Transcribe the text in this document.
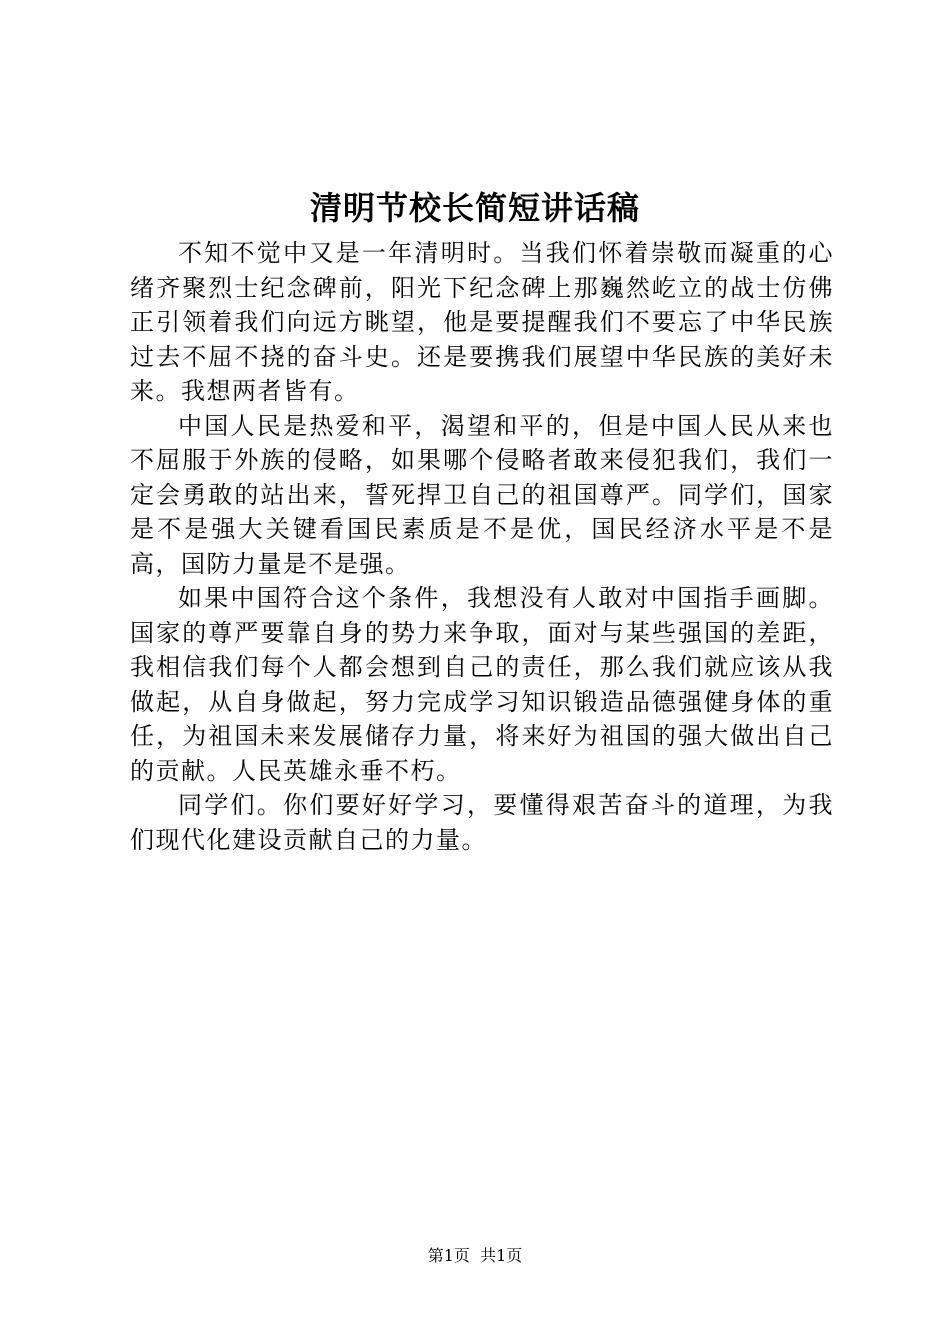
清明节校长简短讲话稿

不知不觉中又是一年清明时。当我们怀着崇敬而凝重的心绪齐聚烈士纪念碑前，阳光下纪念碑上那巍然屹立的战士仿佛正引领着我们向远方眺望，他是要提醒我们不要忘了中华民族过去不屈不挠的奋斗史。还是要携我们展望中华民族的美好未来。我想两者皆有。

中国人民是热爱和平，渴望和平的，但是中国人民从来也不屈服于外族的侵略，如果哪个侵略者敢来侵犯我们，我们一定会勇敢的站出来，誓死捍卫自己的祖国尊严。同学们，国家是不是强大关键看国民素质是不是优，国民经济水平是不是高，国防力量是不是强。

如果中国符合这个条件，我想没有人敢对中国指手画脚。国家的尊严要靠自身的势力来争取，面对与某些强国的差距，我相信我们每个人都会想到自己的责任，那么我们就应该从我做起，从自身做起，努力完成学习知识锻造品德强健身体的重任，为祖国未来发展储存力量，将来好为祖国的强大做出自己的贡献。人民英雄永垂不朽。

同学们。你们要好好学习，要懂得艰苦奋斗的道理，为我们现代化建设贡献自己的力量。

第1页 共1页
